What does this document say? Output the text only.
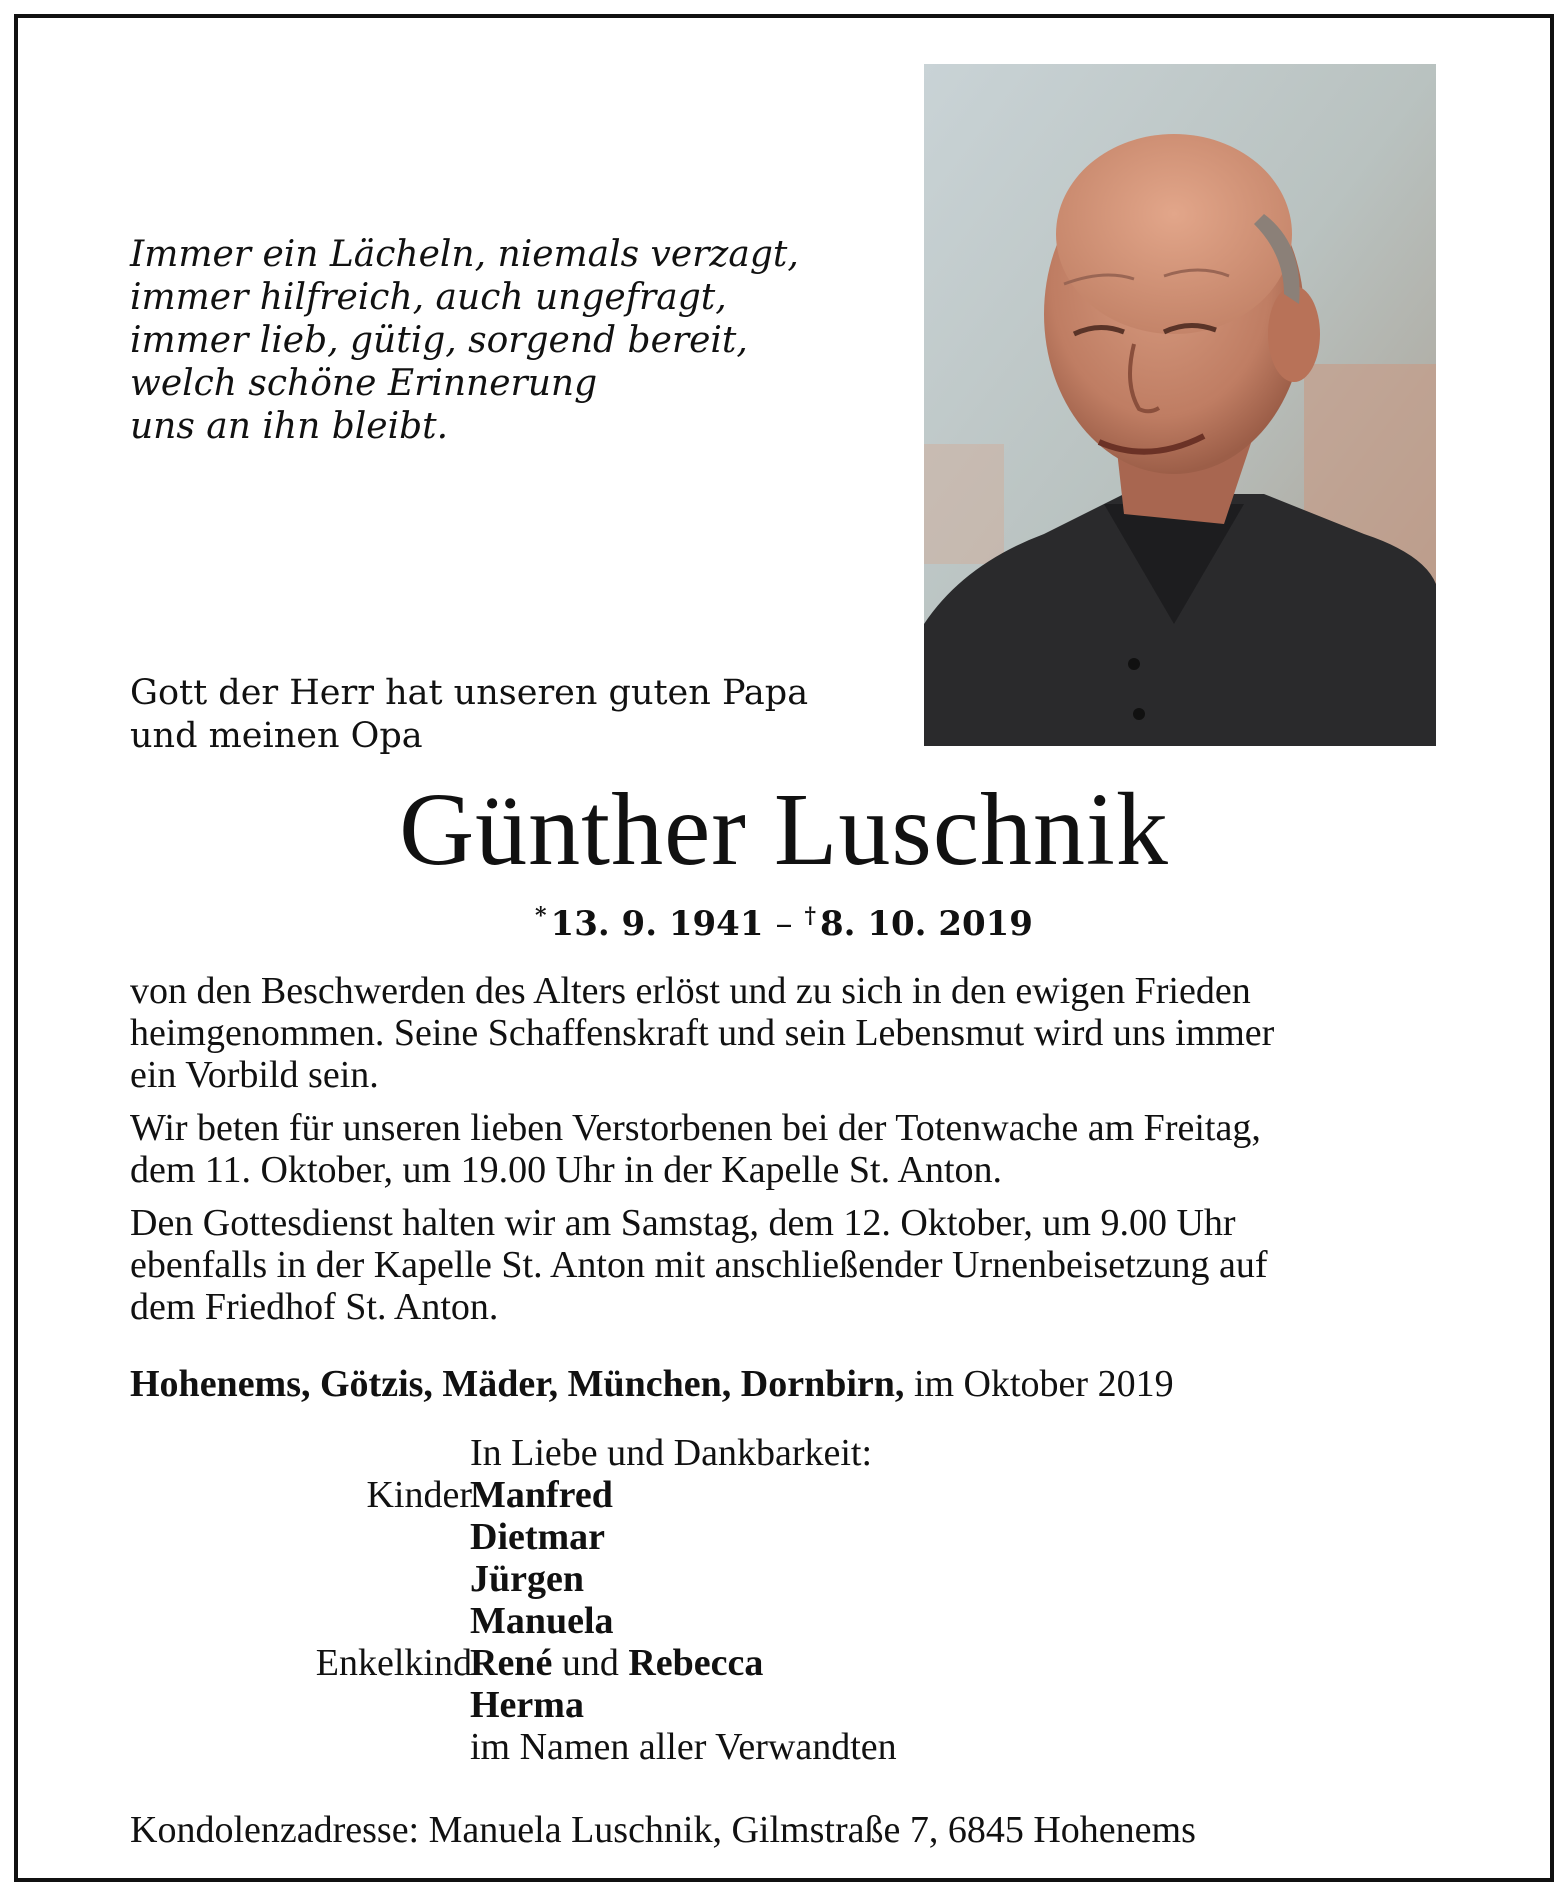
Immer ein Lächeln, niemals verzagt,
immer hilfreich, auch ungefragt,
immer lieb, gütig, sorgend bereit,
welch schöne Erinnerung
uns an ihn bleibt.
Gott der Herr hat unseren guten Papa
und meinen Opa
Günther Luschnik
* 13. 9. 1941 – † 8. 10. 2019
von den Beschwerden des Alters erlöst und zu sich in den ewigen Frieden
heimgenommen. Seine Schaffenskraft und sein Lebensmut wird uns immer
ein Vorbild sein.
Wir beten für unseren lieben Verstorbenen bei der Totenwache am Freitag,
dem 11. Oktober, um 19.00 Uhr in der Kapelle St. Anton.
Den Gottesdienst halten wir am Samstag, dem 12. Oktober, um 9.00 Uhr
ebenfalls in der Kapelle St. Anton mit anschließender Urnenbeisetzung auf
dem Friedhof St. Anton.
Hohenems, Götzis, Mäder, München, Dornbirn, im Oktober 2019
In Liebe und Dankbarkeit:
Kinder
Manfred
Dietmar
Jürgen
Manuela
Enkelkind
René und Rebecca
Herma
im Namen aller Verwandten
Kondolenzadresse: Manuela Luschnik, Gilmstraße 7, 6845 Hohenems
